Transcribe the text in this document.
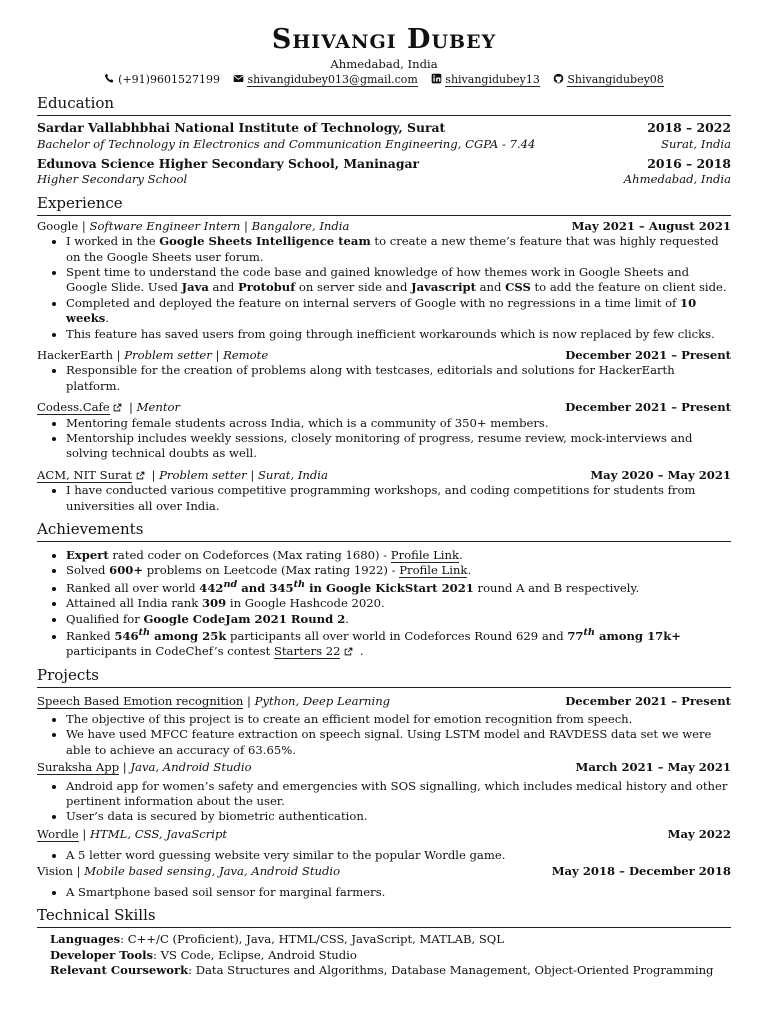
Shivangi Dubey
Ahmedabad, India
(+91)9601527199	shivangidubey013@gmail.com	shivangidubey13	Shivangidubey08
Education
Sardar Vallabhbhai National Institute of Technology, Surat	2018 – 2022
Bachelor of Technology in Electronics and Communication Engineering, CGPA - 7.44	Surat, India
Edunova Science Higher Secondary School, Maninagar	2016 – 2018
Higher Secondary School	Ahmedabad, India
Experience
Google | Software Engineer Intern | Bangalore, India	May 2021 – August 2021
• I worked in the Google Sheets Intelligence team to create a new theme’s feature that was highly requested on the Google Sheets user forum.
• Spent time to understand the code base and gained knowledge of how themes work in Google Sheets and Google Slide. Used Java and Protobuf on server side and Javascript and CSS to add the feature on client side.
• Completed and deployed the feature on internal servers of Google with no regressions in a time limit of 10 weeks.
• This feature has saved users from going through inefficient workarounds which is now replaced by few clicks.
HackerEarth | Problem setter | Remote	December 2021 – Present
• Responsible for the creation of problems along with testcases, editorials and solutions for HackerEarth platform.
Codess.Cafe  | Mentor	December 2021 – Present
• Mentoring female students across India, which is a community of 350+ members.
• Mentorship includes weekly sessions, closely monitoring of progress, resume review, mock-interviews and solving technical doubts as well.
ACM, NIT Surat  | Problem setter | Surat, India	May 2020 – May 2021
• I have conducted various competitive programming workshops, and coding competitions for students from universities all over India.
Achievements
• Expert rated coder on Codeforces (Max rating 1680) - Profile Link.
• Solved 600+ problems on Leetcode (Max rating 1922) - Profile Link.
• Ranked all over world 442nd and 345th in Google KickStart 2021 round A and B respectively.
• Attained all India rank 309 in Google Hashcode 2020.
• Qualified for Google CodeJam 2021 Round 2.
• Ranked 546th among 25k participants all over world in Codeforces Round 629 and 77th among 17k+ participants in CodeChef’s contest Starters 22  .
Projects
Speech Based Emotion recognition | Python, Deep Learning	December 2021 – Present
• The objective of this project is to create an efficient model for emotion recognition from speech.
• We have used MFCC feature extraction on speech signal. Using LSTM model and RAVDESS data set we were able to achieve an accuracy of 63.65%.
Suraksha App | Java, Android Studio	March 2021 – May 2021
• Android app for women’s safety and emergencies with SOS signalling, which includes medical history and other pertinent information about the user.
• User’s data is secured by biometric authentication.
Wordle | HTML, CSS, JavaScript	May 2022
• A 5 letter word guessing website very similar to the popular Wordle game.
Vision | Mobile based sensing, Java, Android Studio	May 2018 – December 2018
• A Smartphone based soil sensor for marginal farmers.
Technical Skills
Languages: C++/C (Proficient), Java, HTML/CSS, JavaScript, MATLAB, SQL
Developer Tools: VS Code, Eclipse, Android Studio
Relevant Coursework: Data Structures and Algorithms, Database Management, Object-Oriented Programming
